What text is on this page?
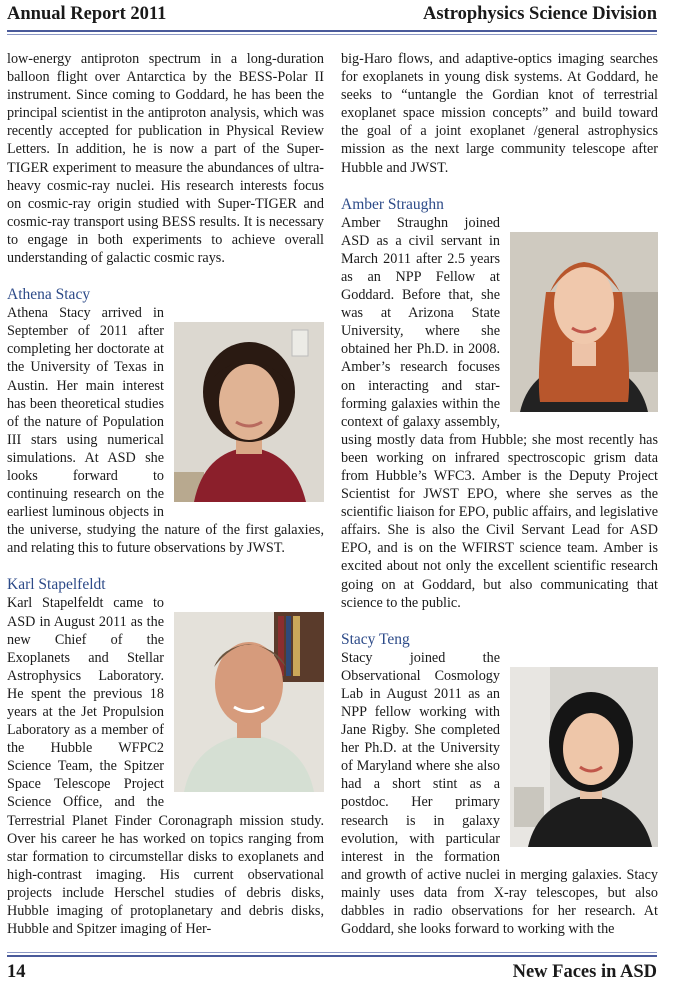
Annual Report 2011	Astrophysics Science Division

low-energy antiproton spectrum in a long-duration balloon flight over Antarctica by the BESS-Polar II instrument. Since coming to Goddard, he has been the principal scientist in the antiproton analysis, which was recently accepted for publication in Physical Review Letters. In addition, he is now a part of the Super-TIGER experiment to measure the abundances of ultra-heavy cosmic-ray nuclei. His research interests focus on cosmic-ray origin studied with Super-TIGER and cosmic-ray transport using BESS results. It is necessary to engage in both experiments to achieve overall understanding of galactic cosmic rays.

Athena Stacy

Athena Stacy arrived in September of 2011 after completing her doctorate at the University of Texas in Austin. Her main interest has been theoretical studies of the nature of Population III stars using numerical simulations. At ASD she looks forward to continuing research on the earliest luminous objects in the universe, studying the nature of the first galaxies, and relating this to future observations by JWST.

Karl Stapelfeldt

Karl Stapelfeldt came to ASD in August 2011 as the new Chief of the Exoplanets and Stellar Astrophysics Laboratory. He spent the previous 18 years at the Jet Propulsion Laboratory as a member of the Hubble WFPC2 Science Team, the Spitzer Space Telescope Project Science Office, and the Terrestrial Planet Finder Coronagraph mission study. Over his career he has worked on topics ranging from star formation to circumstellar disks to exoplanets and high-contrast imaging. His current observational projects include Herschel studies of debris disks, Hubble imaging of protoplanetary and debris disks, Hubble and Spitzer imaging of Her-

big-Haro flows, and adaptive-optics imaging searches for exoplanets in young disk systems. At Goddard, he seeks to “untangle the Gordian knot of terrestrial exoplanet space mission concepts” and build toward the goal of a joint exoplanet /general astrophysics mission as the next large community telescope after Hubble and JWST.

Amber Straughn

Amber Straughn joined ASD as a civil servant in March 2011 after 2.5 years as an NPP Fellow at Goddard. Before that, she was at Arizona State University, where she obtained her Ph.D. in 2008. Amber’s research focuses on interacting and star-forming galaxies within the context of galaxy assembly, using mostly data from Hubble; she most recently has been working on infrared spectroscopic grism data from Hubble’s WFC3. Amber is the Deputy Project Scientist for JWST EPO, where she serves as the scientific liaison for EPO, public affairs, and legislative affairs. She is also the Civil Servant Lead for ASD EPO, and is on the WFIRST science team. Amber is excited about not only the excellent scientific research going on at Goddard, but also communicating that science to the public.

Stacy Teng

Stacy joined the Observational Cosmology Lab in August 2011 as an NPP fellow working with Jane Rigby. She completed her Ph.D. at the University of Maryland where she also had a short stint as a postdoc. Her primary research is in galaxy evolution, with particular interest in the formation and growth of active nuclei in merging galaxies. Stacy mainly uses data from X-ray telescopes, but also dabbles in radio observations for her research. At Goddard, she looks forward to working with the

14	New Faces in ASD
